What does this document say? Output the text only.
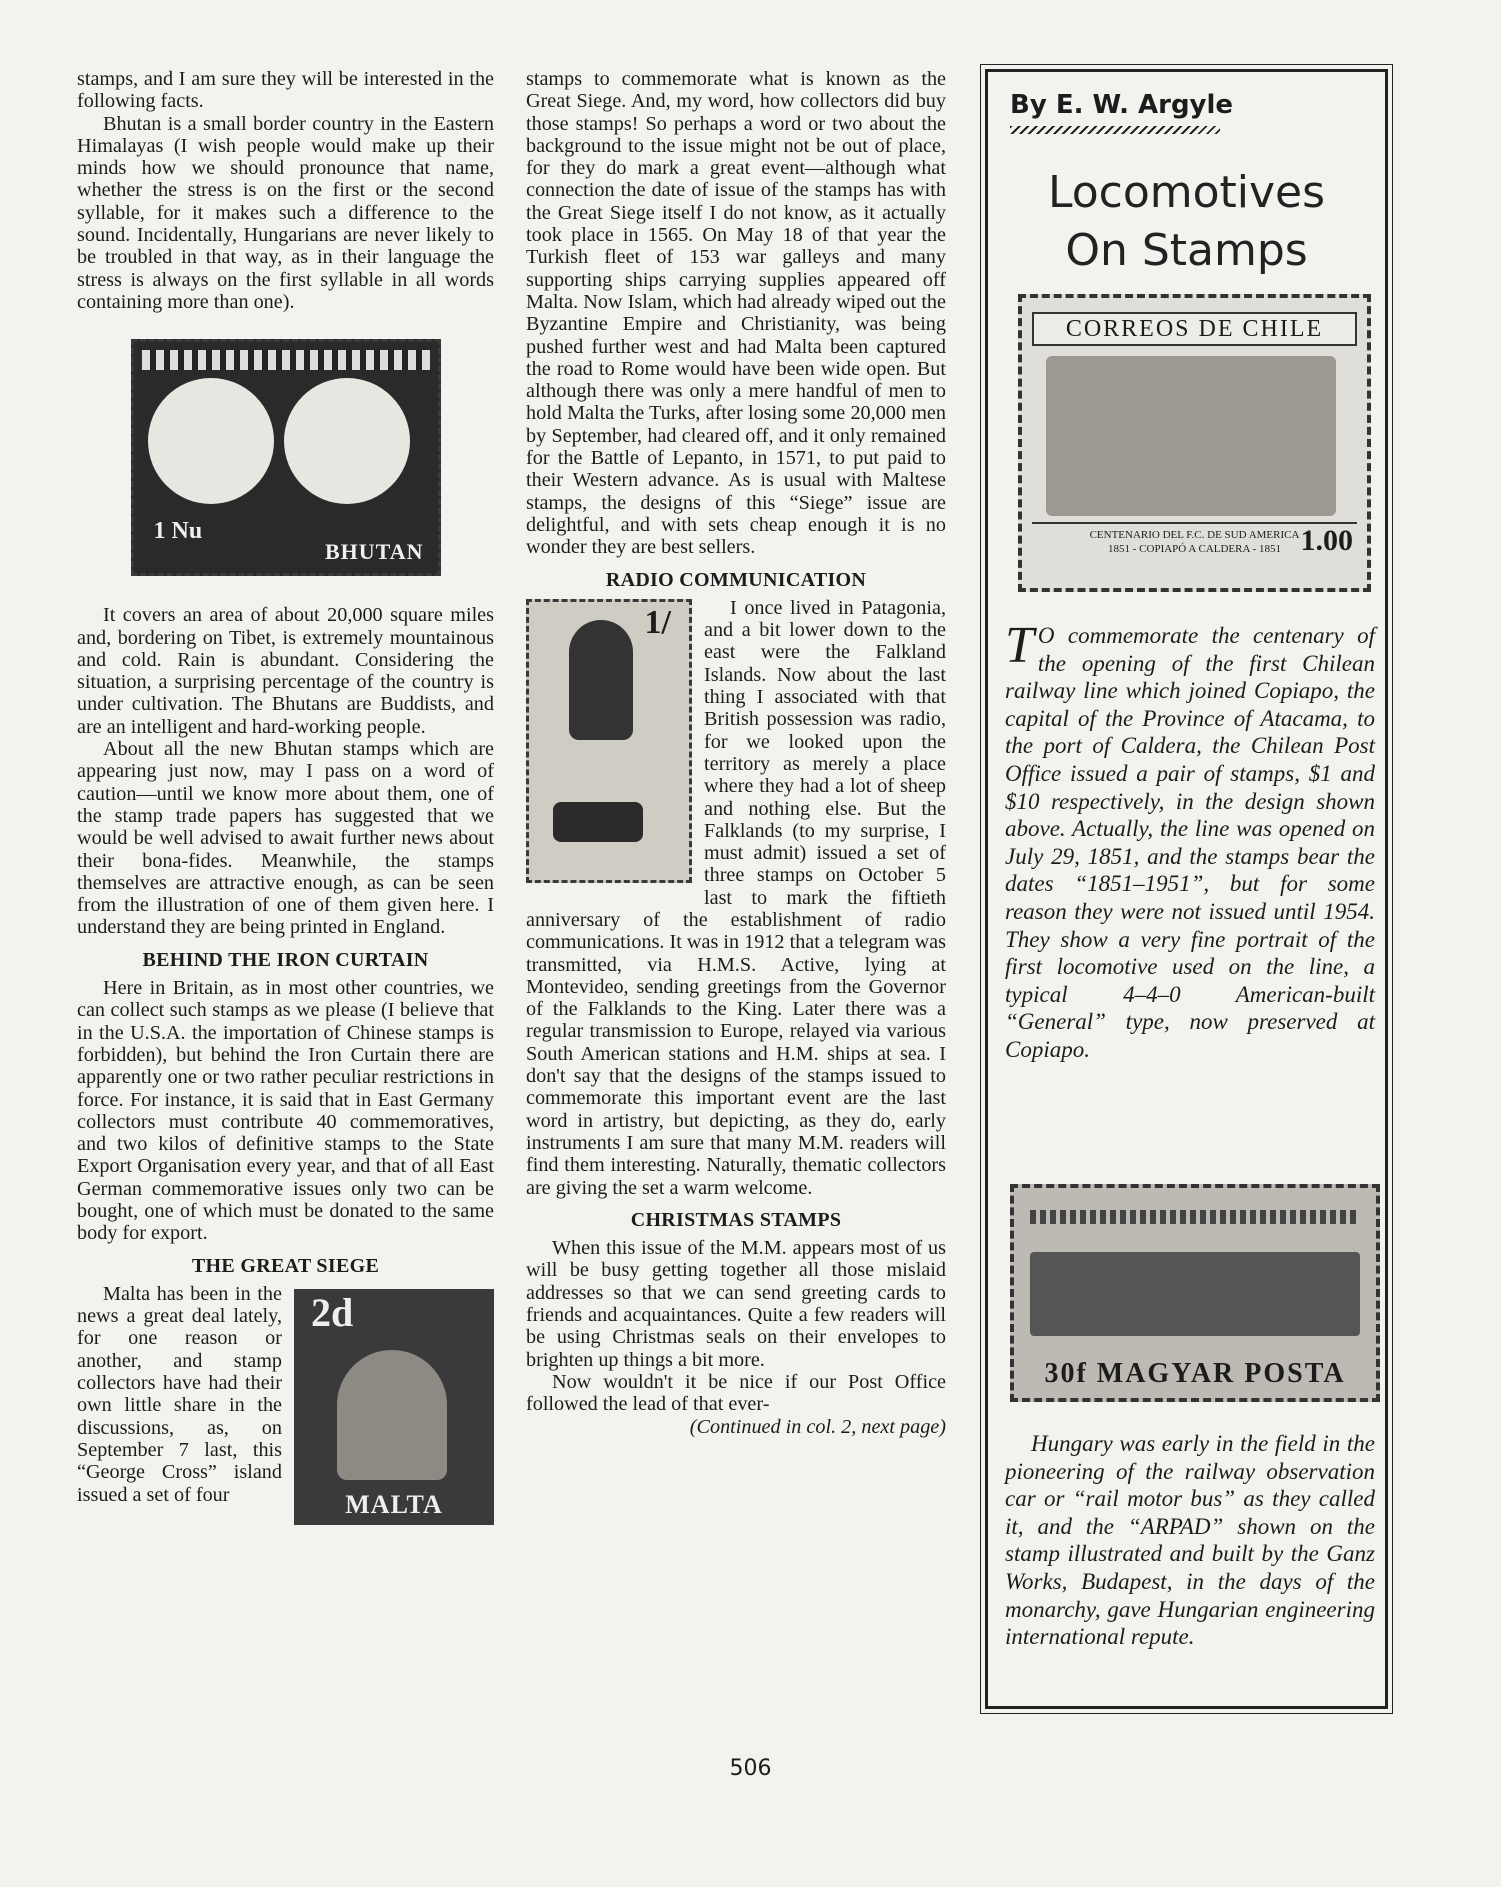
stamps, and I am sure they will be interested in the following facts.

Bhutan is a small border country in the Eastern Himalayas (I wish people would make up their minds how we should pronounce that name, whether the stress is on the first or the second syllable, for it makes such a difference to the sound. Incidentally, Hungarians are never likely to be troubled in that way, as in their language the stress is always on the first syllable in all words containing more than one).

1 Nu
BHUTAN

It covers an area of about 20,000 square miles and, bordering on Tibet, is extremely mountainous and cold. Rain is abundant. Considering the situation, a surprising percentage of the country is under cultivation. The Bhutans are Buddists, and are an intelligent and hard-working people.

About all the new Bhutan stamps which are appearing just now, may I pass on a word of caution—until we know more about them, one of the stamp trade papers has suggested that we would be well advised to await further news about their bona-fides. Meanwhile, the stamps themselves are attractive enough, as can be seen from the illustration of one of them given here. I understand they are being printed in England.

BEHIND THE IRON CURTAIN

Here in Britain, as in most other countries, we can collect such stamps as we please (I believe that in the U.S.A. the importation of Chinese stamps is forbidden), but behind the Iron Curtain there are apparently one or two rather peculiar restrictions in force. For instance, it is said that in East Germany collectors must contribute 40 commemoratives, and two kilos of definitive stamps to the State Export Organisation every year, and that of all East German commemorative issues only two can be bought, one of which must be donated to the same body for export.

THE GREAT SIEGE
2d
MALTA

Malta has been in the news a great deal lately, for one reason or another, and stamp collectors have had their own little share in the discussions, as, on September 7 last, this “George Cross” island issued a set of four

stamps to commemorate what is known as the Great Siege. And, my word, how collectors did buy those stamps! So perhaps a word or two about the background to the issue might not be out of place, for they do mark a great event—although what connection the date of issue of the stamps has with the Great Siege itself I do not know, as it actually took place in 1565. On May 18 of that year the Turkish fleet of 153 war galleys and many supporting ships carrying supplies appeared off Malta. Now Islam, which had already wiped out the Byzantine Empire and Christianity, was being pushed further west and had Malta been captured the road to Rome would have been wide open. But although there was only a mere handful of men to hold Malta the Turks, after losing some 20,000 men by September, had cleared off, and it only remained for the Battle of Lepanto, in 1571, to put paid to their Western advance. As is usual with Maltese stamps, the designs of this “Siege” issue are delightful, and with sets cheap enough it is no wonder they are best sellers.

RADIO COMMUNICATION
1/	I once lived in Patagonia, and a bit lower down to the east were the Falkland Islands. Now about the last thing I associated with that British possession was radio, for we looked upon the territory as merely a place where they had a lot of sheep and nothing else. But the Falklands (to my surprise, I must admit) issued a set of three stamps on October 5 last to mark the fiftieth anniversary of the establishment of radio communications. It was in 1912 that a telegram was transmitted, via H.M.S. Active, lying at Montevideo, sending greetings from the Governor of the Falklands to the King. Later there was a regular transmission to Europe, relayed via various South American stations and H.M. ships at sea. I don't say that the designs of the stamps issued to commemorate this important event are the last word in artistry, but depicting, as they do, early instruments I am sure that many M.M. readers will find them interesting. Naturally, thematic collectors are giving the set a warm welcome.

CHRISTMAS STAMPS

When this issue of the M.M. appears most of us will be busy getting together all those mislaid addresses so that we can send greeting cards to friends and acquaintances. Quite a few readers will be using Christmas seals on their envelopes to brighten up things a bit more.

Now wouldn't it be nice if our Post Office followed the lead of that ever-

(Continued in col. 2, next page)

By E. W. Argyle
Locomotives
On Stamps
CORREOS DE CHILE
CENTENARIO DEL F.C. DE SUD AMERICA
1851 - COPIAPÓ A CALDERA - 1851 1.00
T O commemorate the centenary of the opening of the first Chilean railway line which joined Copiapo, the capital of the Province of Atacama, to the port of Caldera, the Chilean Post Office issued a pair of stamps, $1 and $10 respectively, in the design shown above. Actually, the line was opened on July 29, 1851, and the stamps bear the dates “1851–1951”, but for some reason they were not issued until 1954. They show a very fine portrait of the first locomotive used on the line, a typical 4–4–0 American-built “General” type, now preserved at Copiapo.
30f MAGYAR POSTA
Hungary was early in the field in the pioneering of the railway observation car or “rail motor bus” as they called it, and the “ARPAD” shown on the stamp illustrated and built by the Ganz Works, Budapest, in the days of the monarchy, gave Hungarian engineering international repute.
506
